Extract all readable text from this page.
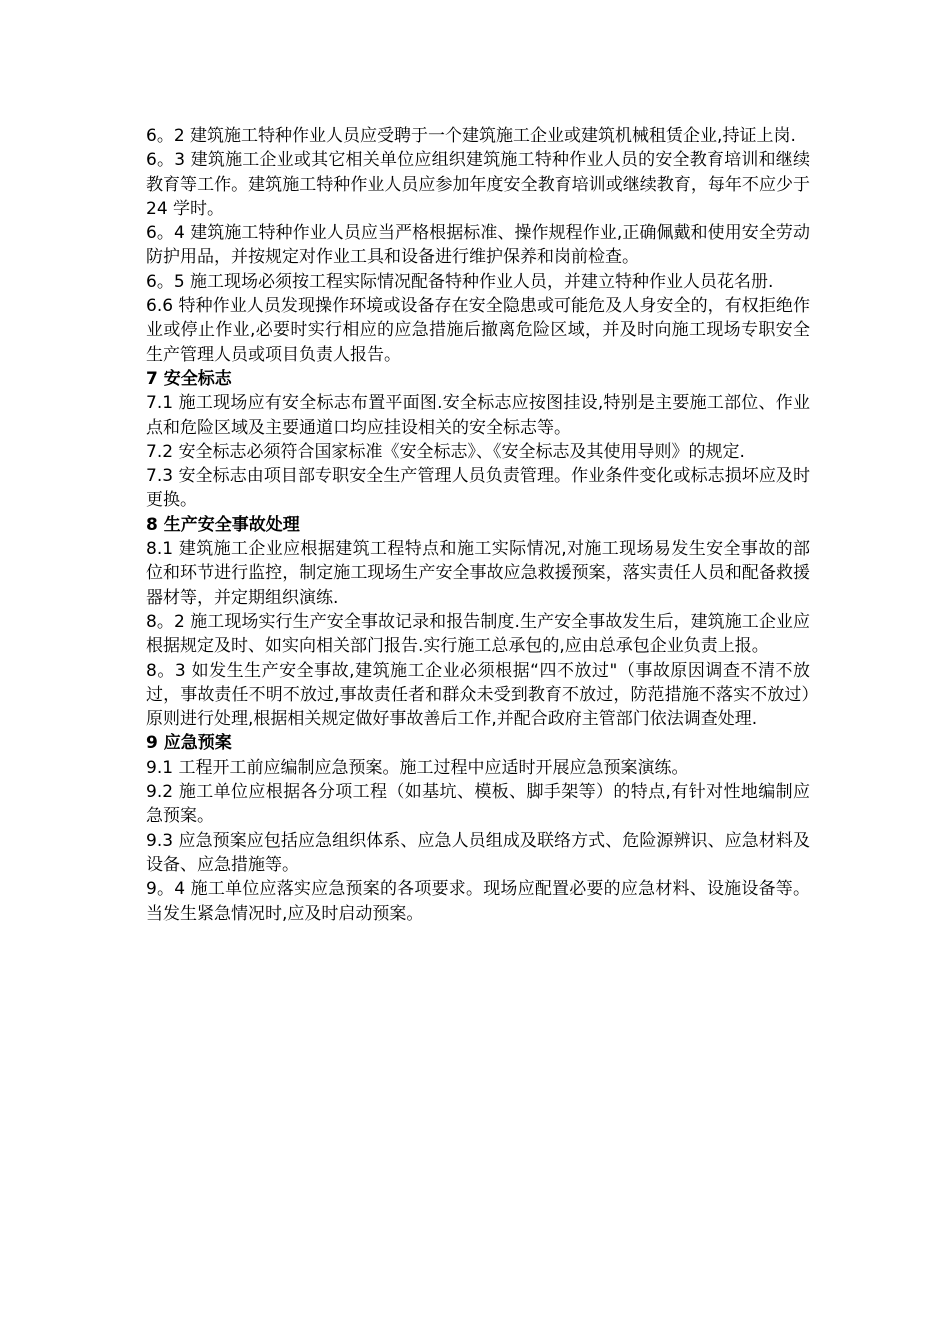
6。2 建筑施工特种作业人员应受聘于一个建筑施工企业或建筑机械租赁企业,持证上岗.

6。3 建筑施工企业或其它相关单位应组织建筑施工特种作业人员的安全教育培训和继续教育等工作。建筑施工特种作业人员应参加年度安全教育培训或继续教育，每年不应少于 24 学时。

6。4 建筑施工特种作业人员应当严格根据标准、操作规程作业,正确佩戴和使用安全劳动防护用品，并按规定对作业工具和设备进行维护保养和岗前检查。

6。5 施工现场必须按工程实际情况配备特种作业人员，并建立特种作业人员花名册.

6.6 特种作业人员发现操作环境或设备存在安全隐患或可能危及人身安全的，有权拒绝作业或停止作业,必要时实行相应的应急措施后撤离危险区域，并及时向施工现场专职安全生产管理人员或项目负责人报告。

7 安全标志

7.1 施工现场应有安全标志布置平面图.安全标志应按图挂设,特别是主要施工部位、作业点和危险区域及主要通道口均应挂设相关的安全标志等。

7.2 安全标志必须符合国家标准《安全标志》、《安全标志及其使用导则》的规定.

7.3 安全标志由项目部专职安全生产管理人员负责管理。作业条件变化或标志损坏应及时更换。

8 生产安全事故处理

8.1 建筑施工企业应根据建筑工程特点和施工实际情况,对施工现场易发生安全事故的部位和环节进行监控，制定施工现场生产安全事故应急救援预案，落实责任人员和配备救援器材等，并定期组织演练.

8。2 施工现场实行生产安全事故记录和报告制度.生产安全事故发生后，建筑施工企业应根据规定及时、如实向相关部门报告.实行施工总承包的,应由总承包企业负责上报。

8。3 如发生生产安全事故,建筑施工企业必须根据“四不放过"（事故原因调查不清不放过，事故责任不明不放过,事故责任者和群众未受到教育不放过，防范措施不落实不放过）原则进行处理,根据相关规定做好事故善后工作,并配合政府主管部门依法调查处理.

9 应急预案

9.1 工程开工前应编制应急预案。施工过程中应适时开展应急预案演练。

9.2 施工单位应根据各分项工程（如基坑、模板、脚手架等）的特点,有针对性地编制应急预案。

9.3 应急预案应包括应急组织体系、应急人员组成及联络方式、危险源辨识、应急材料及设备、应急措施等。

9。4 施工单位应落实应急预案的各项要求。现场应配置必要的应急材料、设施设备等。当发生紧急情况时,应及时启动预案。
